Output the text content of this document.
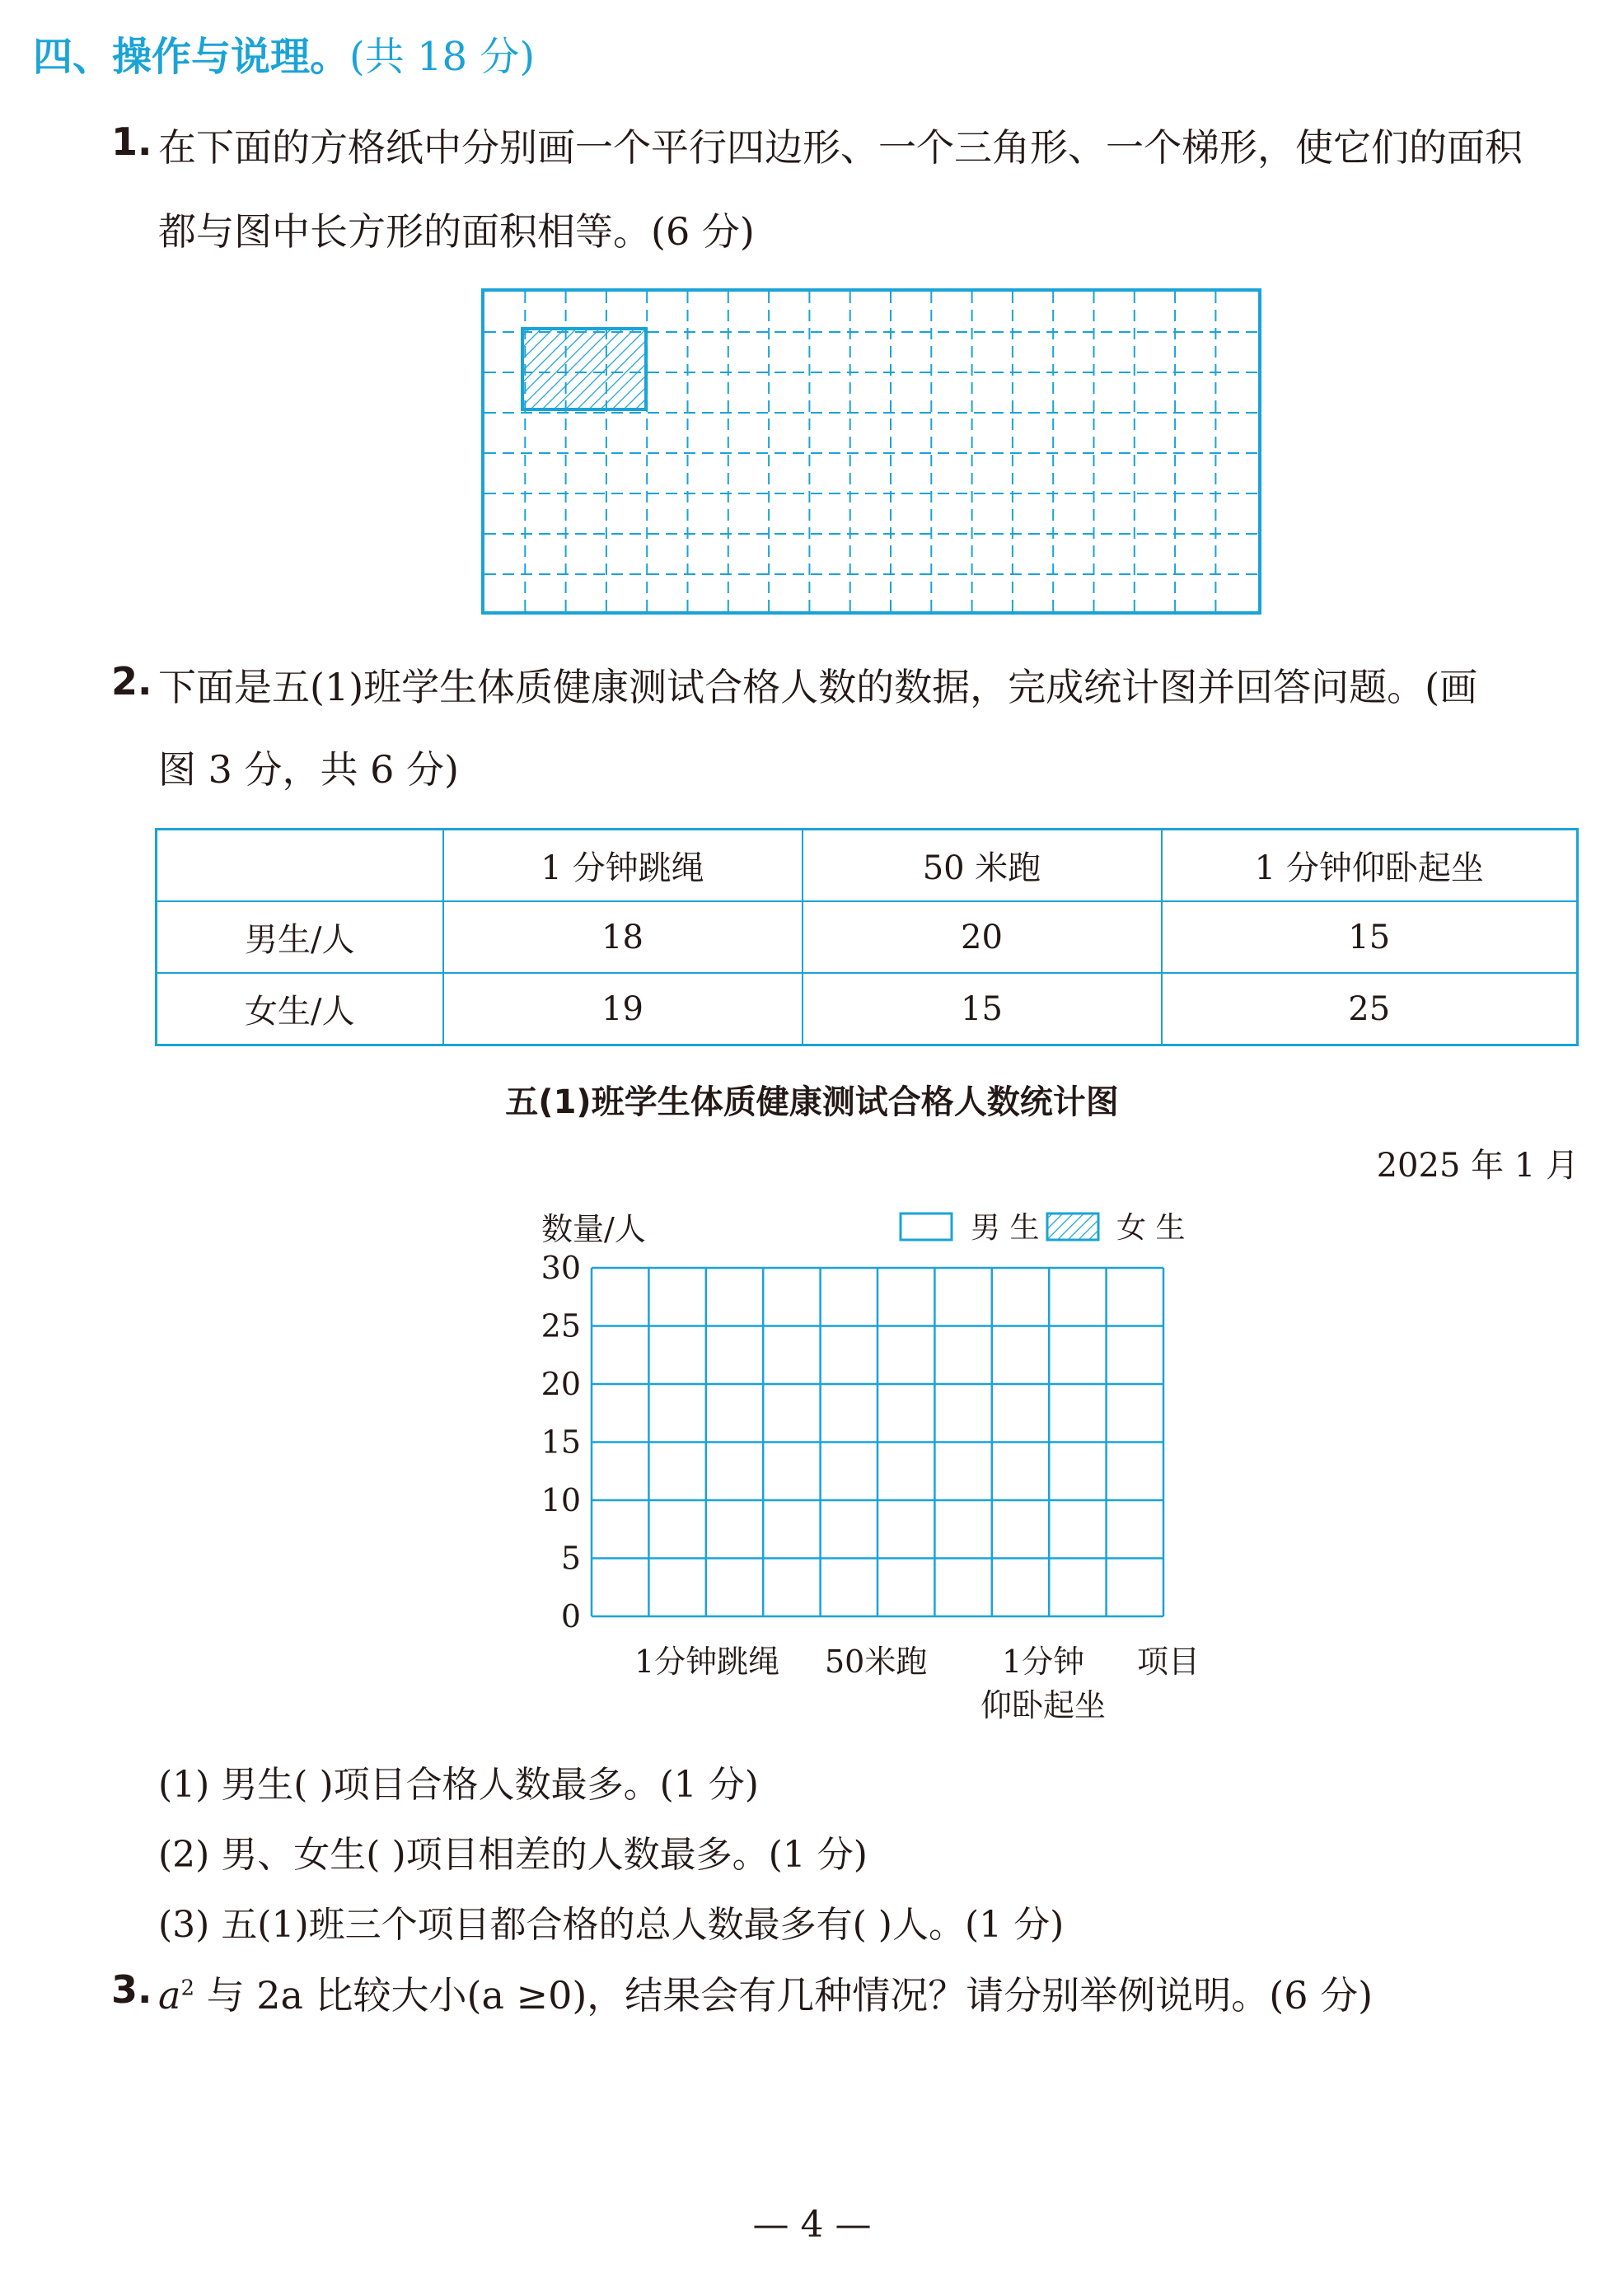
四、操作与说理。(共 18 分)
1. 在下面的方格纸中分别画一个平行四边形、一个三角形、一个梯形，使它们的面积
都与图中长方形的面积相等。(6 分)
2. 下面是五(1)班学生体质健康测试合格人数的数据，完成统计图并回答问题。(画
图 3 分，共 6 分)
	1 分钟跳绳	50 米跑	1 分钟仰卧起坐
男生/人	18	20	15
女生/人	19	15	25
五(1)班学生体质健康测试合格人数统计图
2025 年 1 月
数量/人	男 生	女 生
30
25
20
15
10
5
0
1分钟跳绳 50米跑 1分钟
仰卧起坐
项目
(1) 男生( )项目合格人数最多。(1 分)
(2) 男、女生( )项目相差的人数最多。(1 分)
(3) 五(1)班三个项目都合格的总人数最多有( )人。(1 分)
3. $a^2$ 与 2a 比较大小(a ≥0)，结果会有几种情况？请分别举例说明。(6 分)
— 4 —
